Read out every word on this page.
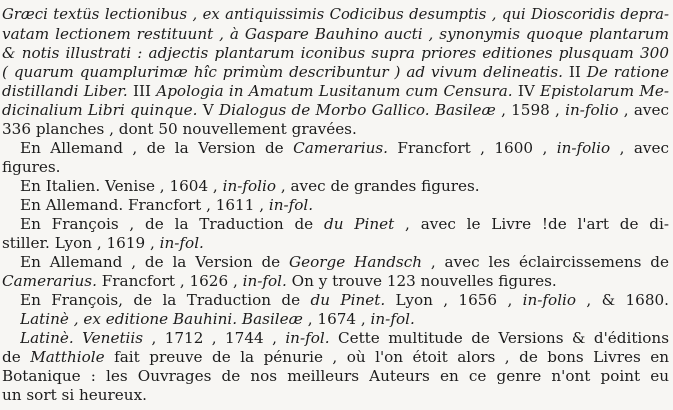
Græci textûs lectionibus , ex antiquissimis Codicibus desumptis , qui Dioscoridis depra-
vatam lectionem restituunt , à Gaspare Bauhino aucti , synonymis quoque plantarum
& notis illustrati : adjectis plantarum iconibus supra priores editiones plusquam 300
( quarum quamplurimæ hîc primùm describuntur ) ad vivum delineatis. II De ratione
distillandi Liber. III Apologia in Amatum Lusitanum cum Censura. IV Epistolarum Me-
dicinalium Libri quinque. V Dialogus de Morbo Gallico. Basileæ , 1598 , in-folio , avec
336 planches , dont 50 nouvellement gravées.
En Allemand , de la Version de Camerarius. Francfort , 1600 , in-folio , avec
figures.
En Italien. Venise , 1604 , in-folio , avec de grandes figures.
En Allemand. Francfort , 1611 , in-fol.
En François , de la Traduction de du Pinet , avec le Livre !de l'art de di-
stiller. Lyon , 1619 , in-fol.
En Allemand , de la Version de George Handsch , avec les éclaircissemens de
Camerarius. Francfort , 1626 , in-fol. On y trouve 123 nouvelles figures.
En François, de la Traduction de du Pinet. Lyon , 1656 , in-folio , & 1680.
Latinè , ex editione Bauhini. Basileæ , 1674 , in-fol.
Latinè. Venetiis , 1712 , 1744 , in-fol. Cette multitude de Versions & d'éditions
de Matthiole fait preuve de la pénurie , où l'on étoit alors , de bons Livres en
Botanique : les Ouvrages de nos meilleurs Auteurs en ce genre n'ont point eu
un sort si heureux.
